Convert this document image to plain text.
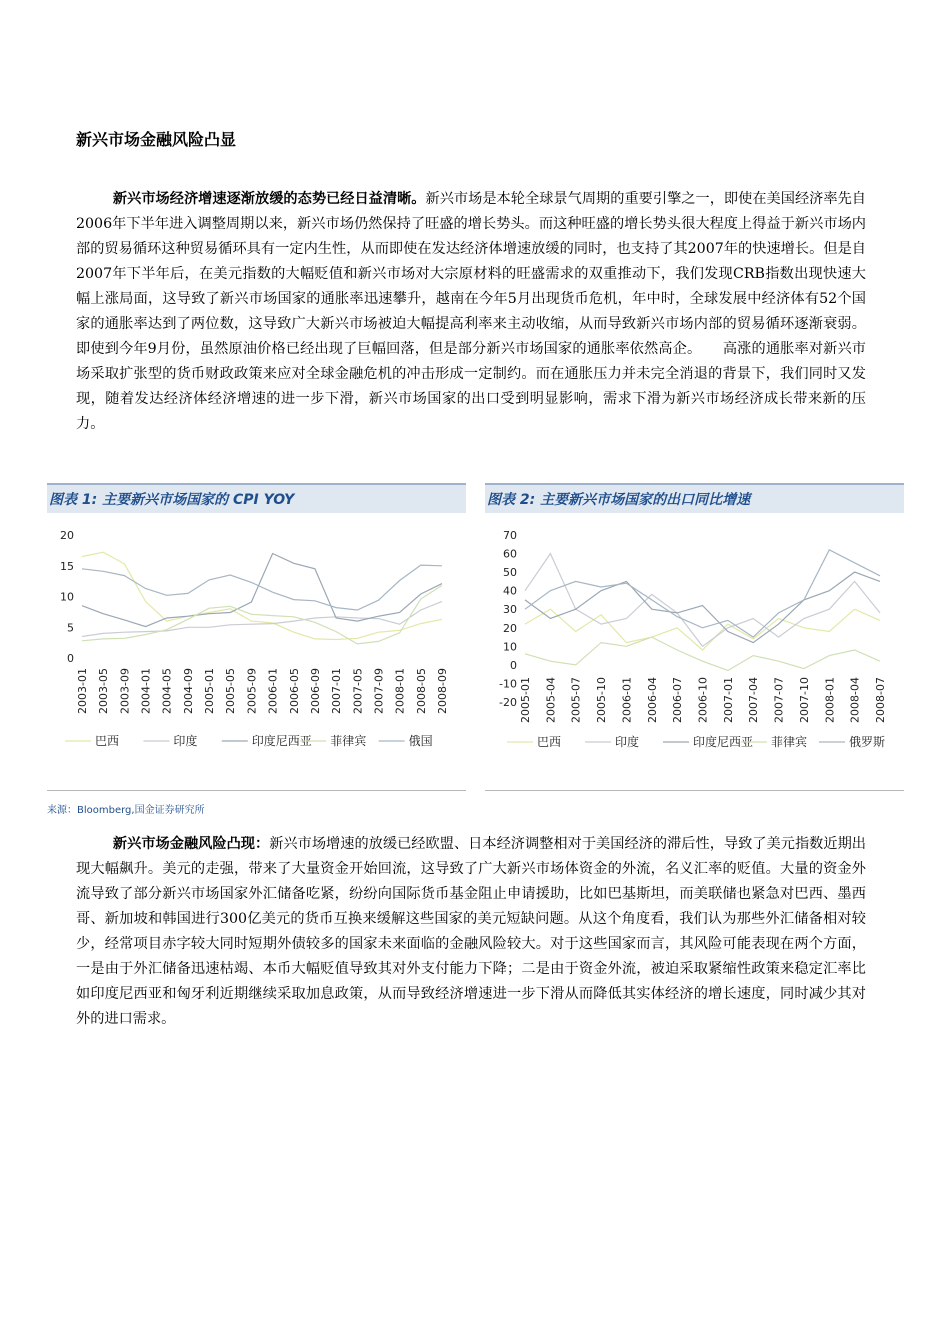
新兴市场金融风险凸显
新兴市场经济增速逐渐放缓的态势已经日益清晰。新兴市场是本轮全球景气周期的重要引擎之一，即使在美国经济率先自2006年下半年进入调整周期以来，新兴市场仍然保持了旺盛的增长势头。而这种旺盛的增长势头很大程度上得益于新兴市场内部的贸易循环这种贸易循环具有一定内生性，从而即使在发达经济体增速放缓的同时，也支持了其2007年的快速增长。但是自2007年下半年后，在美元指数的大幅贬值和新兴市场对大宗原材料的旺盛需求的双重推动下，我们发现CRB指数出现快速大幅上涨局面，这导致了新兴市场国家的通胀率迅速攀升，越南在今年5月出现货币危机，年中时，全球发展中经济体有52个国家的通胀率达到了两位数，这导致广大新兴市场被迫大幅提高利率来主动收缩，从而导致新兴市场内部的贸易循环逐渐衰弱。即使到今年9月份，虽然原油价格已经出现了巨幅回落，但是部分新兴市场国家的通胀率依然高企。　　高涨的通胀率对新兴市场采取扩张型的货币财政政策来应对全球金融危机的冲击形成一定制约。而在通胀压力并未完全消退的背景下，我们同时又发现，随着发达经济体经济增速的进一步下滑，新兴市场国家的出口受到明显影响，需求下滑为新兴市场经济成长带来新的压力。
图表 1: 主要新兴市场国家的 CPI YOY	图表 2: 主要新兴市场国家的出口同比增速
0
5
10
15
20
2003-01 2003-05 2003-09 2004-01 2004-05 2004-09 2005-01 2005-05 2005-09 2006-01 2006-05 2006-09 2007-01 2007-05 2007-09 2008-01 2008-05 2008-09
巴西	印度	印度尼西亚 菲律宾	俄国
-20
-10
0
10
20
30
40
50
60
70
2005-01 2005-04 2005-07 2005-10 2006-01 2006-04 2006-07 2006-10 2007-01 2007-04 2007-07 2007-10 2008-01 2008-04 2008-07
巴西	印度	印度尼西亚 菲律宾	俄罗斯
来源：Bloomberg,国金证券研究所
新兴市场金融风险凸现：新兴市场增速的放缓已经欧盟、日本经济调整相对于美国经济的滞后性，导致了美元指数近期出现大幅飙升。美元的走强，带来了大量资金开始回流，这导致了广大新兴市场体资金的外流，名义汇率的贬值。大量的资金外流导致了部分新兴市场国家外汇储备吃紧，纷纷向国际货币基金阻止申请援助，比如巴基斯坦，而美联储也紧急对巴西、墨西哥、新加坡和韩国进行300亿美元的货币互换来缓解这些国家的美元短缺问题。从这个角度看，我们认为那些外汇储备相对较少，经常项目赤字较大同时短期外债较多的国家未来面临的金融风险较大。对于这些国家而言，其风险可能表现在两个方面，一是由于外汇储备迅速枯竭、本币大幅贬值导致其对外支付能力下降；二是由于资金外流，被迫采取紧缩性政策来稳定汇率比如印度尼西亚和匈牙利近期继续采取加息政策，从而导致经济增速进一步下滑从而降低其实体经济的增长速度，同时减少其对外的进口需求。
